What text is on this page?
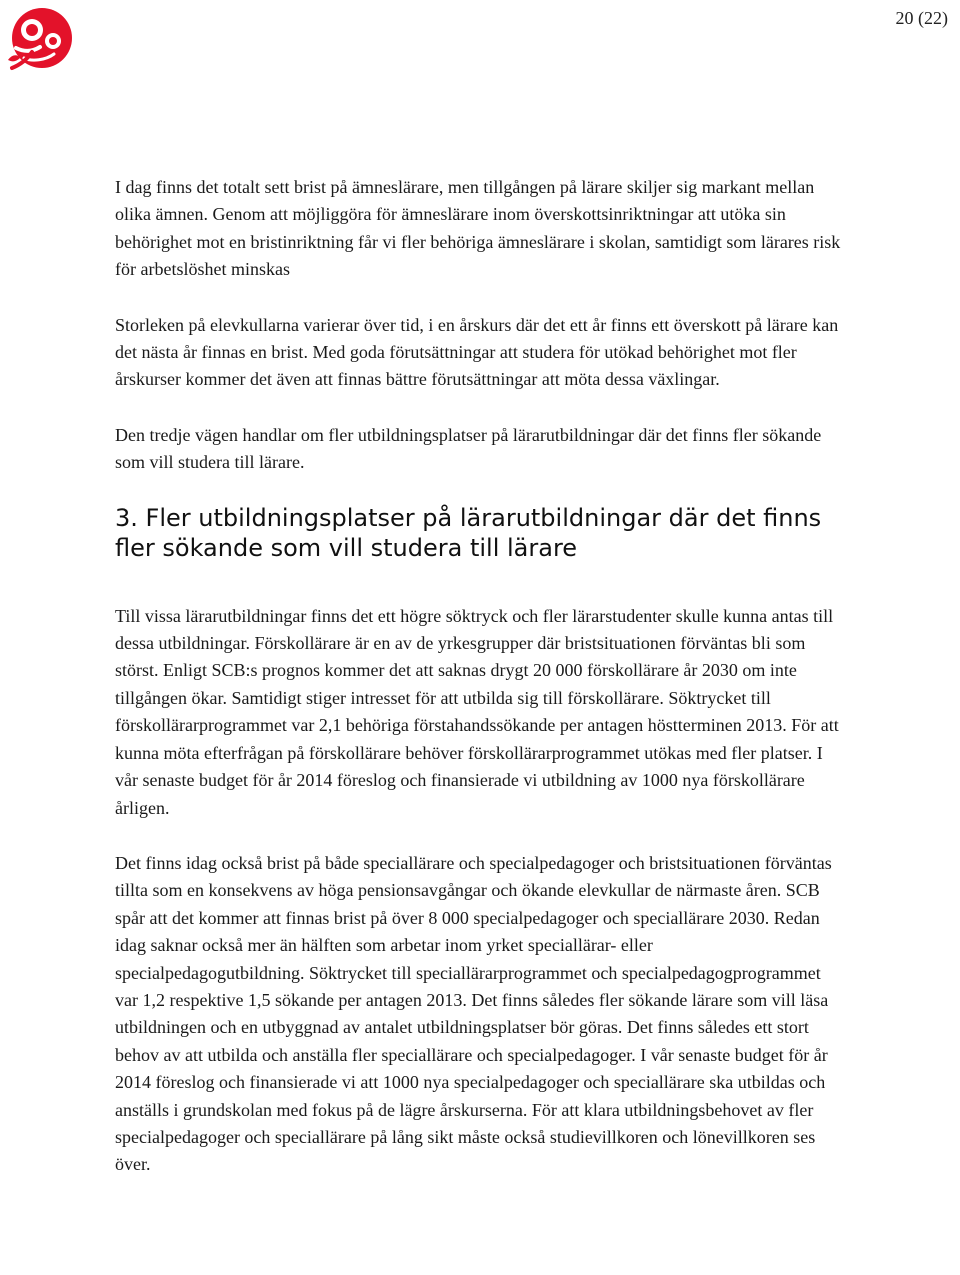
20 (22)

I dag finns det totalt sett brist på ämneslärare, men tillgången på lärare skiljer sig markant mellan olika ämnen. Genom att möjliggöra för ämneslärare inom överskottsinriktningar att utöka sin behörighet mot en bristinriktning får vi fler behöriga ämneslärare i skolan, samtidigt som lärares risk för arbetslöshet minskas

Storleken på elevkullarna varierar över tid, i en årskurs där det ett år finns ett överskott på lärare kan det nästa år finnas en brist. Med goda förutsättningar att studera för utökad behörighet mot fler årskurser kommer det även att finnas bättre förutsättningar att möta dessa växlingar.

Den tredje vägen handlar om fler utbildningsplatser på lärarutbildningar där det finns fler sökande som vill studera till lärare.

3. Fler utbildningsplatser på lärarutbildningar där det finns fler sökande som vill studera till lärare

Till vissa lärarutbildningar finns det ett högre söktryck och fler lärarstudenter skulle kunna antas till dessa utbildningar. Förskollärare är en av de yrkesgrupper där bristsituationen förväntas bli som störst. Enligt SCB:s prognos kommer det att saknas drygt 20 000 förskollärare år 2030 om inte tillgången ökar. Samtidigt stiger intresset för att utbilda sig till förskollärare. Söktrycket till förskollärarprogrammet var 2,1 behöriga förstahandssökande per antagen höstterminen 2013. För att kunna möta efterfrågan på förskollärare behöver förskollärarprogrammet utökas med fler platser. I vår senaste budget för år 2014 föreslog och finansierade vi utbildning av 1000 nya förskollärare årligen.

Det finns idag också brist på både speciallärare och specialpedagoger och bristsituationen förväntas tillta som en konsekvens av höga pensionsavgångar och ökande elevkullar de närmaste åren. SCB spår att det kommer att finnas brist på över 8 000 specialpedagoger och speciallärare 2030. Redan idag saknar också mer än hälften som arbetar inom yrket speciallärar- eller specialpedagogutbildning. Söktrycket till speciallärarprogrammet och specialpedagogprogrammet var 1,2 respektive 1,5 sökande per antagen 2013. Det finns således fler sökande lärare som vill läsa utbildningen och en utbyggnad av antalet utbildningsplatser bör göras. Det finns således ett stort behov av att utbilda och anställa fler speciallärare och specialpedagoger. I vår senaste budget för år 2014 föreslog och finansierade vi att 1000 nya specialpedagoger och speciallärare ska utbildas och anställs i grundskolan med fokus på de lägre årskurserna. För att klara utbildningsbehovet av fler specialpedagoger och speciallärare på lång sikt måste också studievillkoren och lönevillkoren ses över.
